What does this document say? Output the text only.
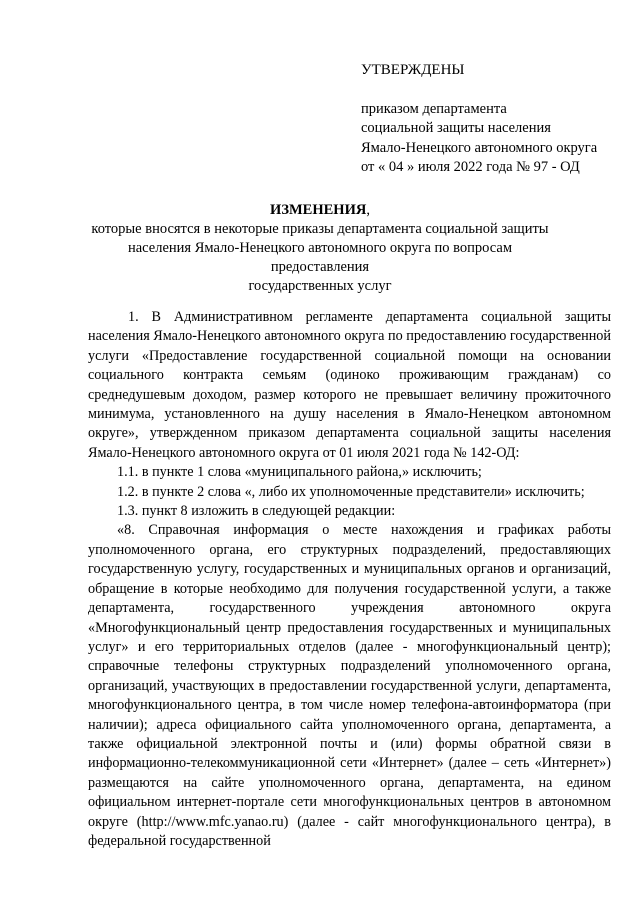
УТВЕРЖДЕНЫ
приказом департамента
социальной защиты населения
Ямало-Ненецкого автономного округа
от « 04 » июля 2022 года № 97 - ОД
ИЗМЕНЕНИЯ,
которые вносятся в некоторые приказы департамента социальной защиты
населения Ямало-Ненецкого автономного округа по вопросам предоставления
государственных услуг

1. В Административном регламенте департамента социальной защиты населения Ямало-Ненецкого автономного округа по предоставлению государственной услуги «Предоставление государственной социальной помощи на основании социального контракта семьям (одиноко проживающим гражданам) со среднедушевым доходом, размер которого не превышает величину прожиточного минимума, установленного на душу населения в Ямало-Ненецком автономном округе», утвержденном приказом департамента социальной защиты населения Ямало-Ненецкого автономного округа от 01 июля 2021 года № 142-ОД:

1.1. в пункте 1 слова «муниципального района,» исключить;

1.2. в пункте 2 слова «, либо их уполномоченные представители» исключить;

1.3. пункт 8 изложить в следующей редакции:

«8. Справочная информация о месте нахождения и графиках работы уполномоченного органа, его структурных подразделений, предоставляющих государственную услугу, государственных и муниципальных органов и организаций, обращение в которые необходимо для получения государственной услуги, а также департамента, государственного учреждения автономного округа «Многофункциональный центр предоставления государственных и муниципальных услуг» и его территориальных отделов (далее - многофункциональный центр); справочные телефоны структурных подразделений уполномоченного органа, организаций, участвующих в предоставлении государственной услуги, департамента, многофункционального центра, в том числе номер телефона-автоинформатора (при наличии); адреса официального сайта уполномоченного органа, департамента, а также официальной электронной почты и (или) формы обратной связи в информационно-телекоммуникационной сети «Интернет» (далее – сеть «Интернет») размещаются на сайте уполномоченного органа, департамента, на едином официальном интернет-портале сети многофункциональных центров в автономном округе (http://www.mfc.yanao.ru) (далее - сайт многофункционального центра), в федеральной государственной
